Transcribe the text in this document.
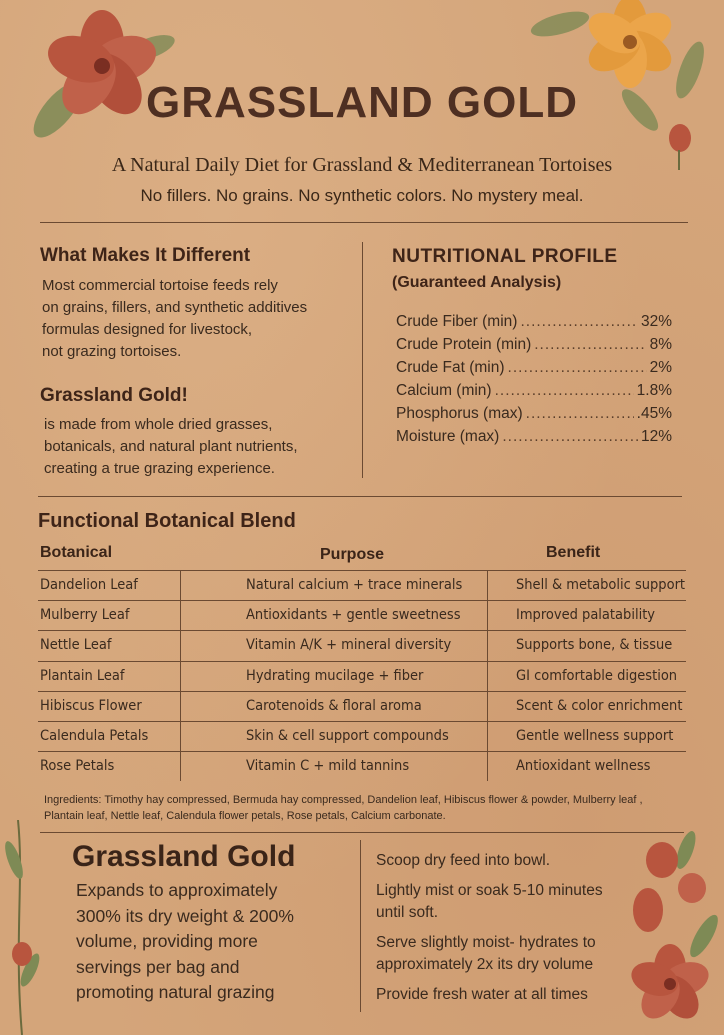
GRASSLAND GOLD
A Natural Daily Diet for Grassland & Mediterranean Tortoises
No fillers. No grains. No synthetic colors. No mystery meal.
What Makes It Different
Most commercial tortoise feeds rely
on grains, fillers, and synthetic additives
formulas designed for livestock,
not grazing tortoises.
Grassland Gold!
is made from whole dried grasses,
botanicals, and natural plant nutrients,
creating a true grazing experience.
NUTRITIONAL PROFILE
(Guaranteed Analysis)
Crude Fiber (min) .....	32%
Crude Protein (min) .....	8%
Crude Fat (min) .....	2%
Calcium (min) .....	1.8%
Phosphorus (max) .....	.45%
Moisture (max) .....	12%
Functional Botanical Blend
Botanical	Purpose	Benefit
Dandelion Leaf	Natural calcium + trace minerals	Shell & metabolic support
Mulberry Leaf	Antioxidants + gentle sweetness	Improved palatability
Nettle Leaf	Vitamin A/K + mineral diversity	Supports bone, & tissue
Plantain Leaf	Hydrating mucilage + fiber	GI comfortable digestion
Hibiscus Flower	Carotenoids & floral aroma	Scent & color enrichment
Calendula Petals	Skin & cell support compounds	Gentle wellness support
Rose Petals	Vitamin C + mild tannins	Antioxidant wellness
Ingredients: Timothy hay compressed, Bermuda hay compressed, Dandelion leaf, Hibiscus flower & powder, Mulberry leaf , Plantain leaf, Nettle leaf, Calendula flower petals, Rose petals, Calcium carbonate.
Grassland Gold
Expands to approximately
300% its dry weight & 200%
volume, providing more
servings per bag and
promoting natural grazing
Scoop dry feed into bowl.
Lightly mist or soak 5-10 minutes
until soft.
Serve slightly moist- hydrates to
approximately 2x its dry volume
Provide fresh water at all times
